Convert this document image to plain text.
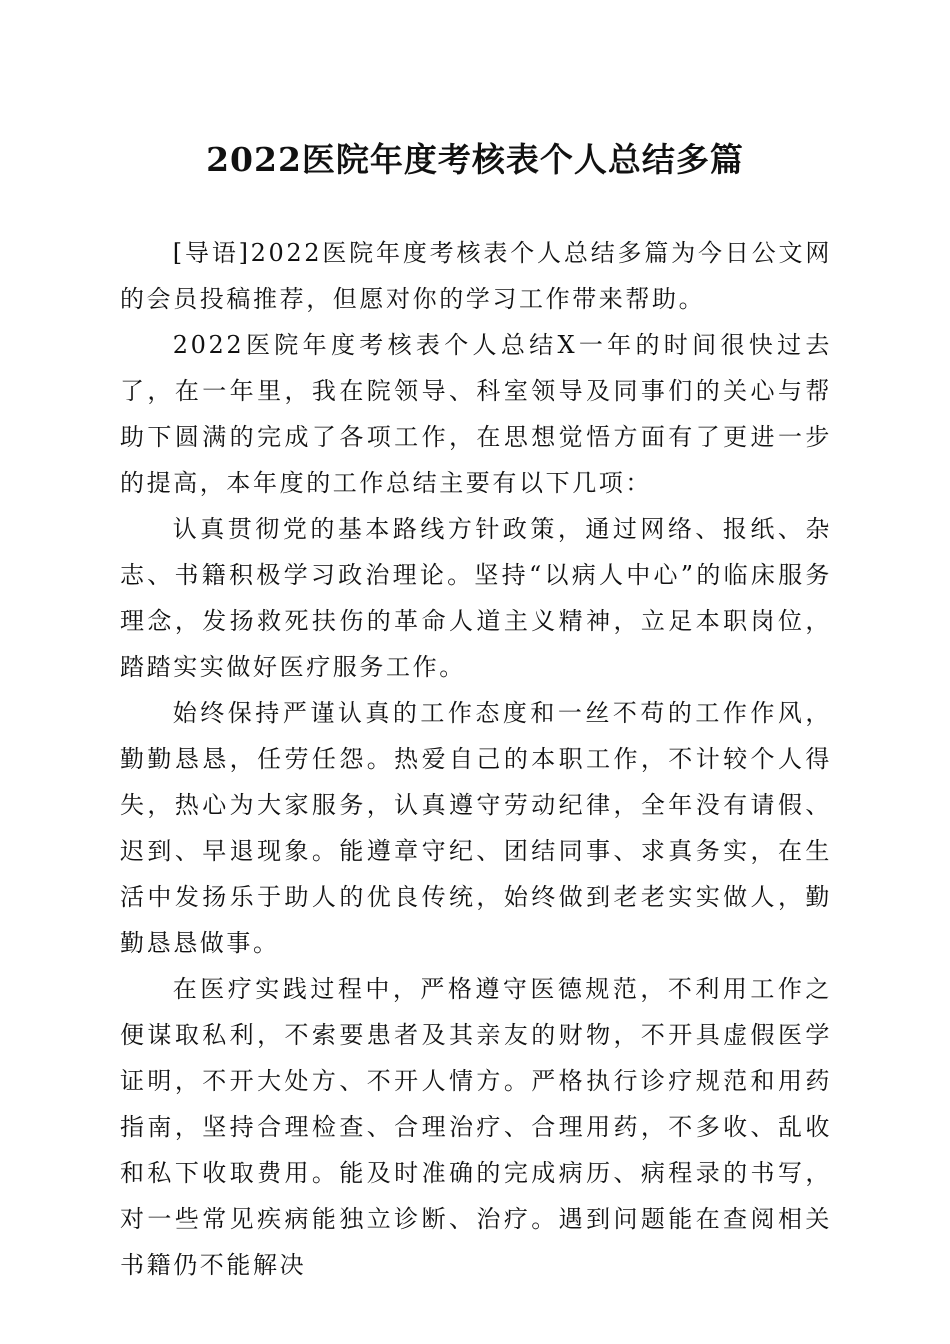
2022医院年度考核表个人总结多篇

[导语]2022医院年度考核表个人总结多篇为今日公文网的会员投稿推荐，但愿对你的学习工作带来帮助。

2022医院年度考核表个人总结X一年的时间很快过去了，在一年里，我在院领导、科室领导及同事们的关心与帮助下圆满的完成了各项工作，在思想觉悟方面有了更进一步的提高，本年度的工作总结主要有以下几项：

认真贯彻党的基本路线方针政策，通过网络、报纸、杂志、书籍积极学习政治理论。坚持“以病人中心”的临床服务理念，发扬救死扶伤的革命人道主义精神，立足本职岗位，踏踏实实做好医疗服务工作。

始终保持严谨认真的工作态度和一丝不苟的工作作风，勤勤恳恳，任劳任怨。热爱自己的本职工作，不计较个人得失，热心为大家服务，认真遵守劳动纪律，全年没有请假、迟到、早退现象。能遵章守纪、团结同事、求真务实，在生活中发扬乐于助人的优良传统，始终做到老老实实做人，勤勤恳恳做事。

在医疗实践过程中，严格遵守医德规范，不利用工作之便谋取私利，不索要患者及其亲友的财物，不开具虚假医学证明，不开大处方、不开人情方。严格执行诊疗规范和用药指南，坚持合理检查、合理治疗、合理用药，不多收、乱收和私下收取费用。能及时准确的完成病历、病程录的书写，对一些常见疾病能独立诊断、治疗。遇到问题能在查阅相关书籍仍不能解决
